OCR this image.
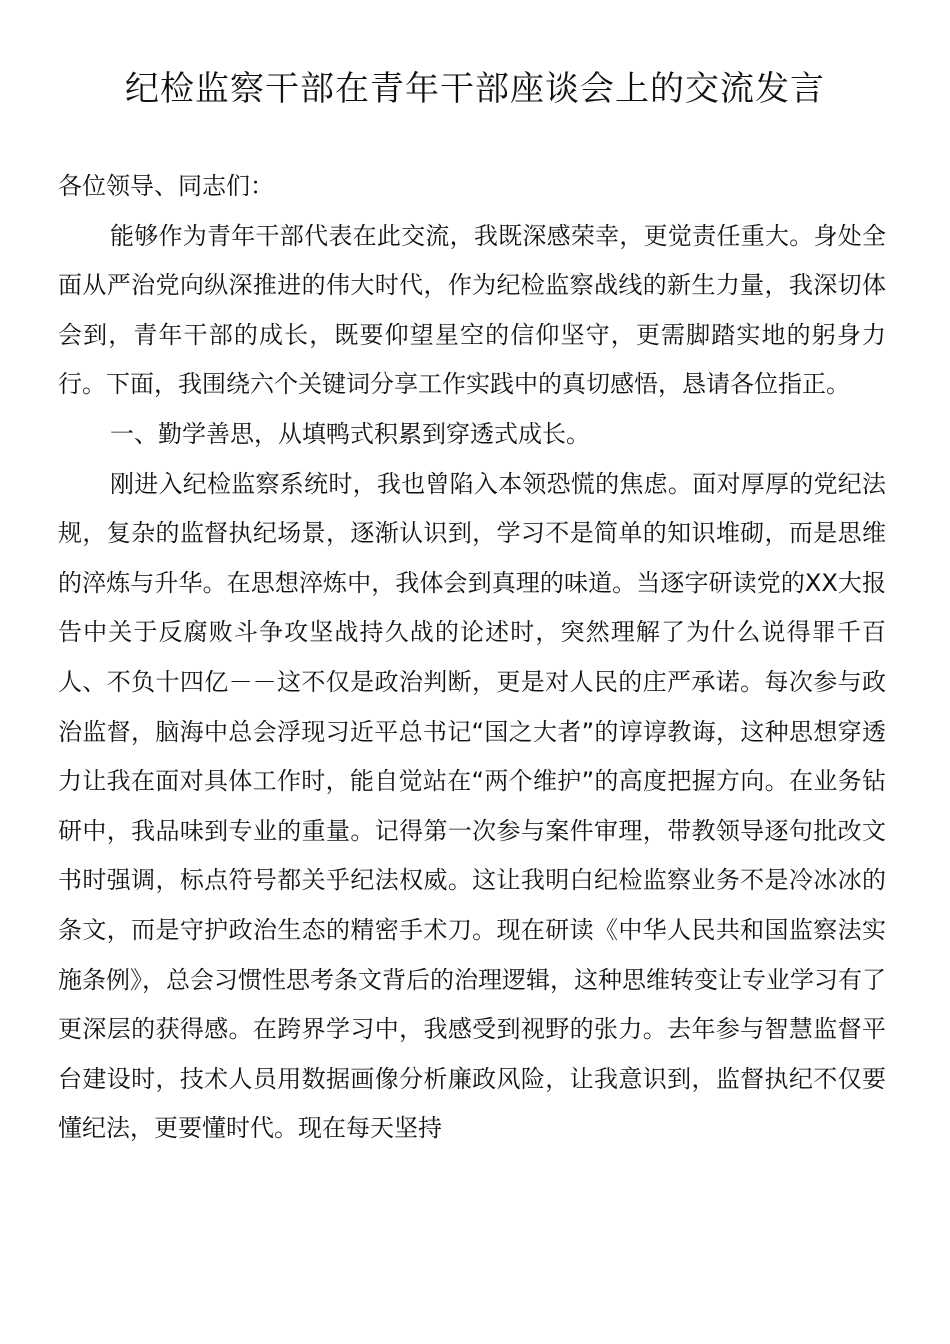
纪检监察干部在青年干部座谈会上的交流发言

各位领导、同志们：

能够作为青年干部代表在此交流，我既深感荣幸，更觉责任重大。身处全面从严治党向纵深推进的伟大时代，作为纪检监察战线的新生力量，我深切体会到，青年干部的成长，既要仰望星空的信仰坚守，更需脚踏实地的躬身力行。下面，我围绕六个关键词分享工作实践中的真切感悟，恳请各位指正。

一、勤学善思，从填鸭式积累到穿透式成长。

刚进入纪检监察系统时，我也曾陷入本领恐慌的焦虑。面对厚厚的党纪法规，复杂的监督执纪场景，逐渐认识到，学习不是简单的知识堆砌，而是思维的淬炼与升华。在思想淬炼中，我体会到真理的味道。当逐字研读党的XX大报告中关于反腐败斗争攻坚战持久战的论述时，突然理解了为什么说得罪千百人、不负十四亿－－这不仅是政治判断，更是对人民的庄严承诺。每次参与政治监督，脑海中总会浮现习近平总书记“国之大者”的谆谆教诲，这种思想穿透力让我在面对具体工作时，能自觉站在“两个维护”的高度把握方向。在业务钻研中，我品味到专业的重量。记得第一次参与案件审理，带教领导逐句批改文书时强调，标点符号都关乎纪法权威。这让我明白纪检监察业务不是冷冰冰的条文，而是守护政治生态的精密手术刀。现在研读《中华人民共和国监察法实施条例》，总会习惯性思考条文背后的治理逻辑，这种思维转变让专业学习有了更深层的获得感。在跨界学习中，我感受到视野的张力。去年参与智慧监督平台建设时，技术人员用数据画像分析廉政风险，让我意识到，监督执纪不仅要懂纪法，更要懂时代。现在每天坚持
